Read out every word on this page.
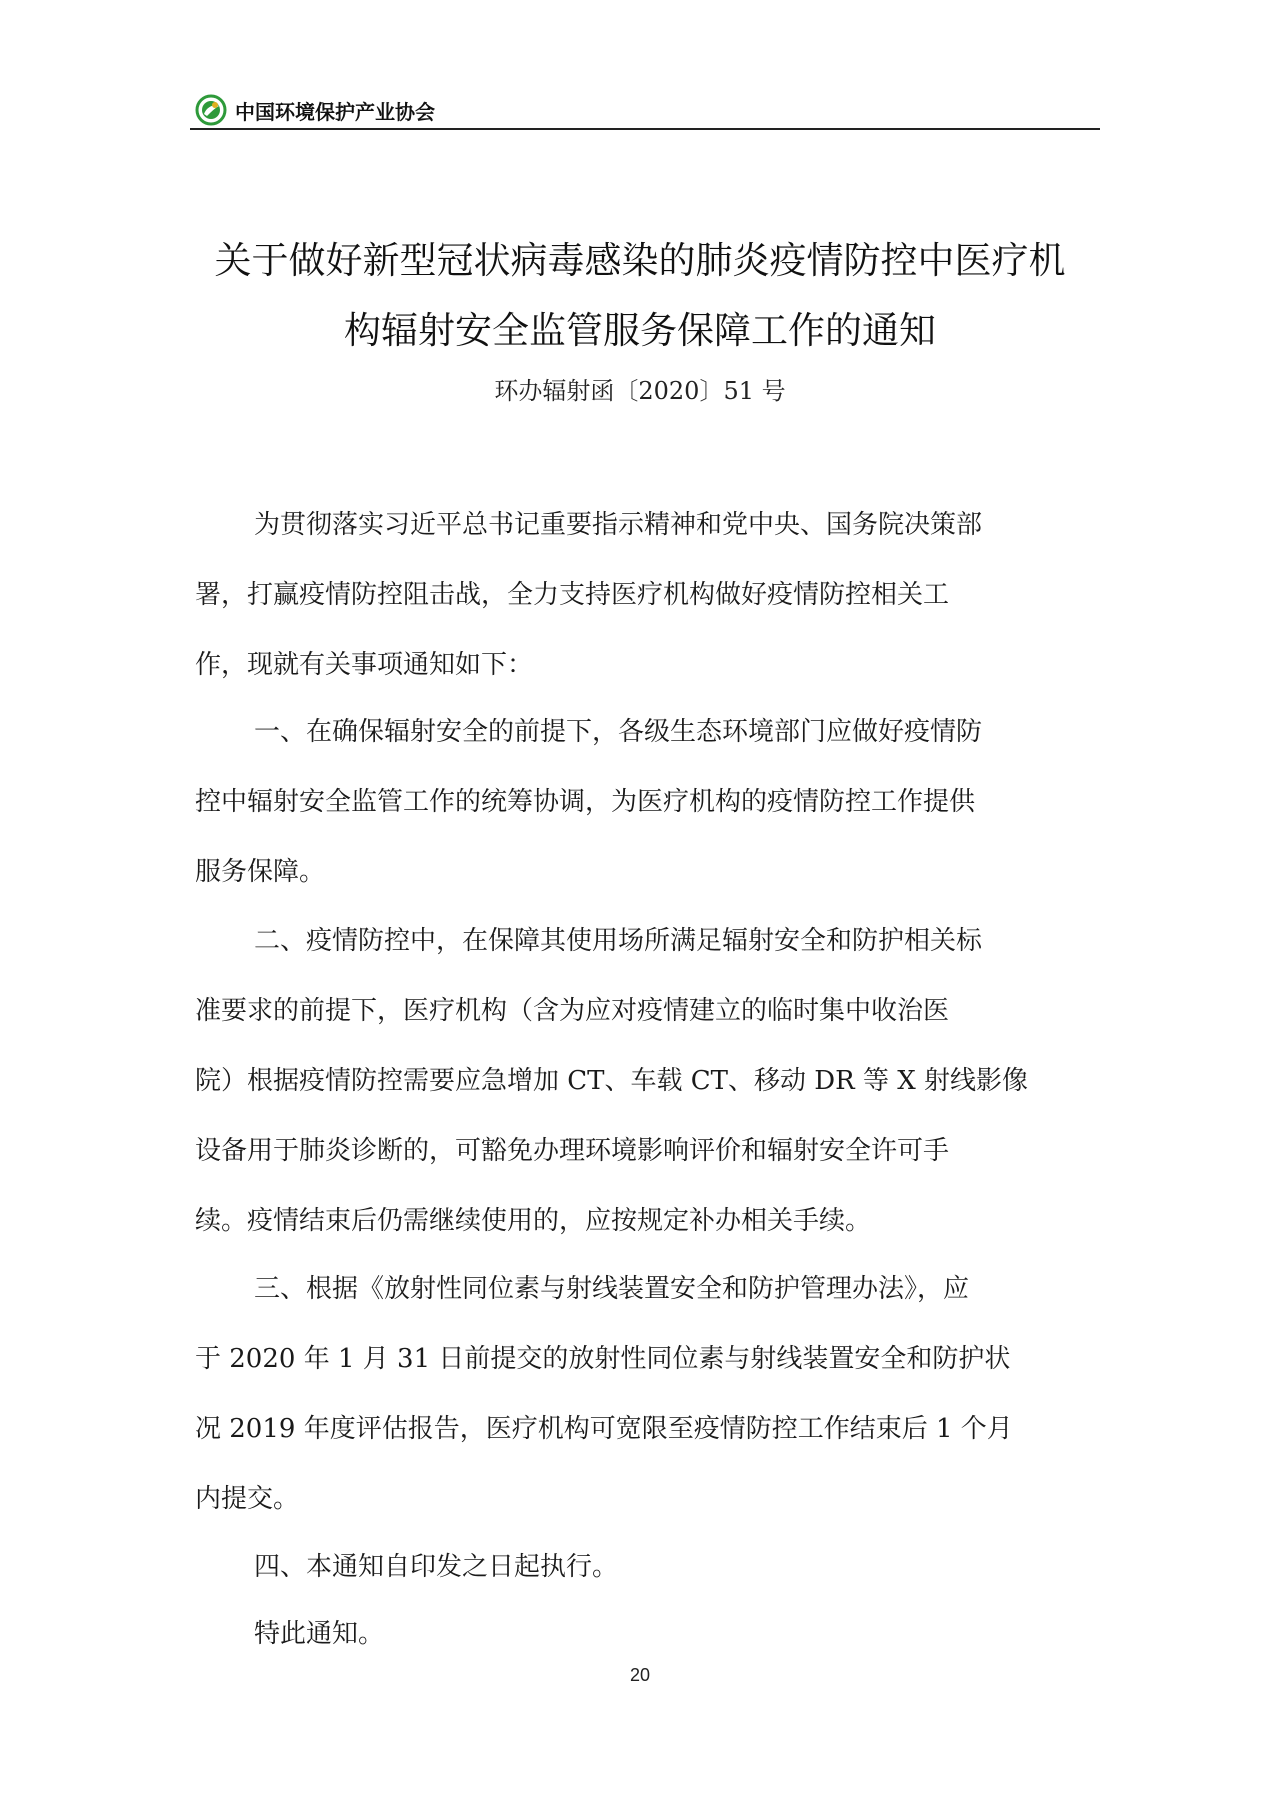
中国环境保护产业协会
关于做好新型冠状病毒感染的肺炎疫情防控中医疗机
构辐射安全监管服务保障工作的通知
环办辐射函〔2020〕51 号
为贯彻落实习近平总书记重要指示精神和党中央、国务院决策部
署，打赢疫情防控阻击战，全力支持医疗机构做好疫情防控相关工
作，现就有关事项通知如下：
一、在确保辐射安全的前提下，各级生态环境部门应做好疫情防
控中辐射安全监管工作的统筹协调，为医疗机构的疫情防控工作提供
服务保障。
二、疫情防控中，在保障其使用场所满足辐射安全和防护相关标
准要求的前提下，医疗机构（含为应对疫情建立的临时集中收治医
院）根据疫情防控需要应急增加 CT、车载 CT、移动 DR 等 X 射线影像
设备用于肺炎诊断的，可豁免办理环境影响评价和辐射安全许可手
续。疫情结束后仍需继续使用的，应按规定补办相关手续。
三、根据《放射性同位素与射线装置安全和防护管理办法》，应
于 2020 年 1 月 31 日前提交的放射性同位素与射线装置安全和防护状
况 2019 年度评估报告，医疗机构可宽限至疫情防控工作结束后 1 个月
内提交。
四、本通知自印发之日起执行。
特此通知。
20
